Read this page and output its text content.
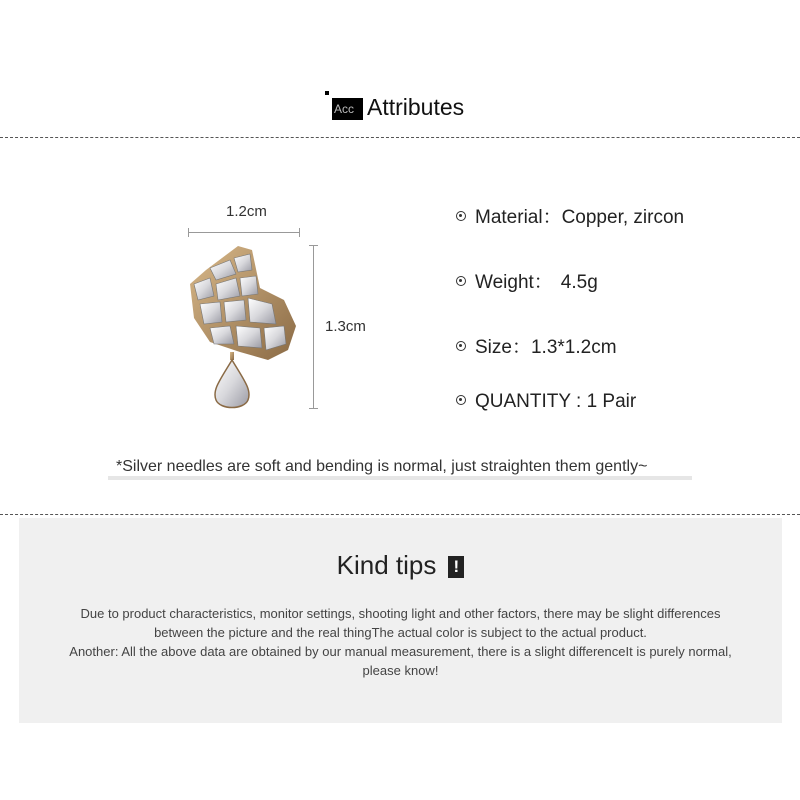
Acc Attributes
1.2cm
1.3cm
Material：Copper, zircon
Weight： 4.5g
Size：1.3*1.2cm
QUANTITY : 1 Pair
*Silver needles are soft and bending is normal, just straighten them gently~
Kind tips !
Due to product characteristics, monitor settings, shooting light and other factors, there may be slight differences between the picture and the real thingThe actual color is subject to the actual product.
Another: All the above data are obtained by our manual measurement, there is a slight differenceIt is purely normal, please know!
